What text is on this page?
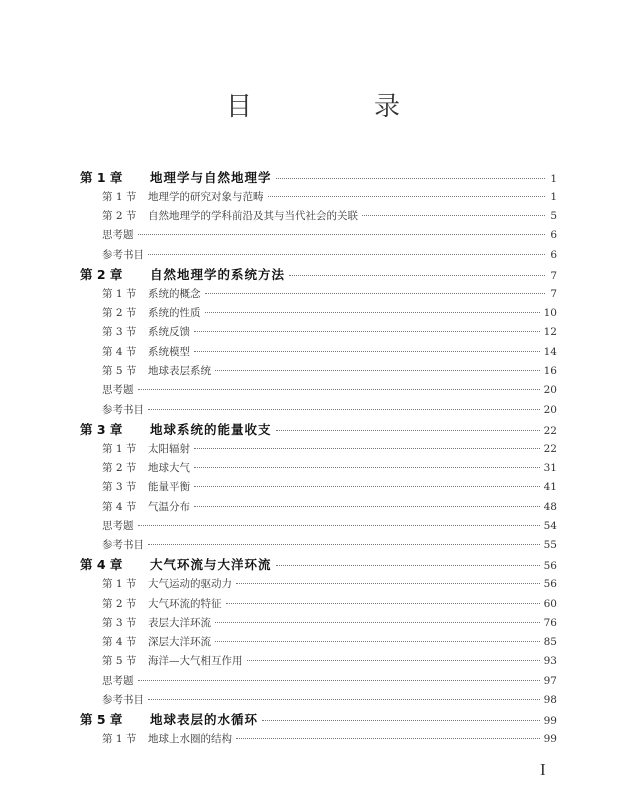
目　录
第 1 章	地理学与自然地理学	1
第 1 节	地理学的研究对象与范畴	1
第 2 节	自然地理学的学科前沿及其与当代社会的关联	5
思考题	6
参考书目	6
第 2 章	自然地理学的系统方法	7
第 1 节	系统的概念	7
第 2 节	系统的性质	10
第 3 节	系统反馈	12
第 4 节	系统模型	14
第 5 节	地球表层系统	16
思考题	20
参考书目	20
第 3 章	地球系统的能量收支	22
第 1 节	太阳辐射	22
第 2 节	地球大气	31
第 3 节	能量平衡	41
第 4 节	气温分布	48
思考题	54
参考书目	55
第 4 章	大气环流与大洋环流	56
第 1 节	大气运动的驱动力	56
第 2 节	大气环流的特征	60
第 3 节	表层大洋环流	76
第 4 节	深层大洋环流	85
第 5 节	海洋—大气相互作用	93
思考题	97
参考书目	98
第 5 章	地球表层的水循环	99
第 1 节	地球上水圈的结构	99
I
